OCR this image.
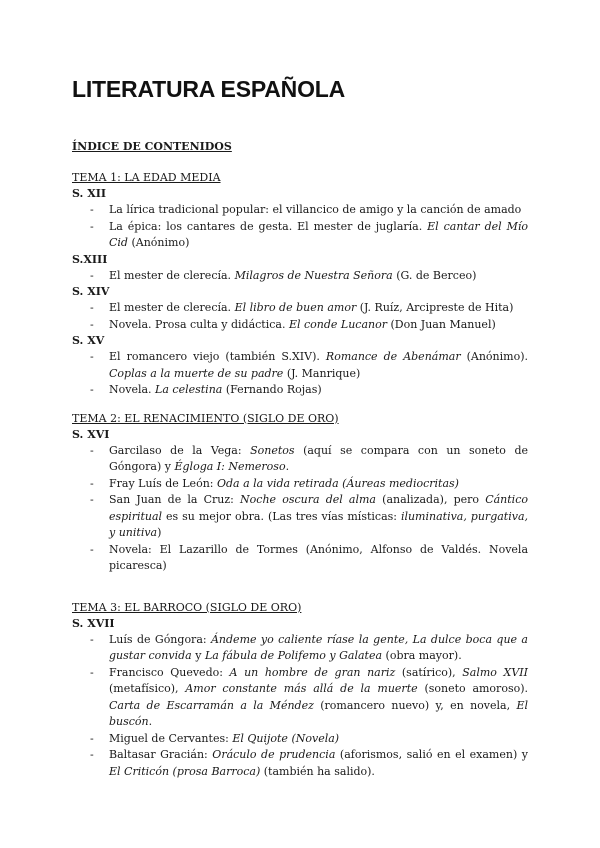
LITERATURA ESPAÑOLA
ÍNDICE DE CONTENIDOS
TEMA 1: LA EDAD MEDIA
S. XII
- La lírica tradicional popular: el villancico de amigo y la canción de amado
- La épica: los cantares de gesta. El mester de juglaría. El cantar del Mío Cid (Anónimo)
S.XIII
- El mester de clerecía. Milagros de Nuestra Señora (G. de Berceo)
S. XIV
- El mester de clerecía. El libro de buen amor (J. Ruíz, Arcipreste de Hita)
- Novela. Prosa culta y didáctica. El conde Lucanor (Don Juan Manuel)
S. XV
- El romancero viejo (también S.XIV). Romance de Abenámar (Anónimo). Coplas a la muerte de su padre (J. Manrique)
- Novela. La celestina (Fernando Rojas)
TEMA 2: EL RENACIMIENTO (SIGLO DE ORO)
S. XVI
- Garcilaso de la Vega: Sonetos (aquí se compara con un soneto de Góngora) y Égloga I: Nemeroso.
- Fray Luís de León: Oda a la vida retirada (Áureas mediocritas)
- San Juan de la Cruz: Noche oscura del alma (analizada), pero Cántico espiritual es su mejor obra. (Las tres vías místicas: iluminativa, purgativa, y unitiva)
- Novela: El Lazarillo de Tormes (Anónimo, Alfonso de Valdés. Novela picaresca)
TEMA 3: EL BARROCO (SIGLO DE ORO)
S. XVII
- Luís de Góngora: Ándeme yo caliente ríase la gente, La dulce boca que a gustar convida y La fábula de Polifemo y Galatea (obra mayor).
- Francisco Quevedo: A un hombre de gran nariz (satírico), Salmo XVII (metafísico), Amor constante más allá de la muerte (soneto amoroso). Carta de Escarramán a la Méndez (romancero nuevo) y, en novela, El buscón.
- Miguel de Cervantes: El Quijote (Novela)
- Baltasar Gracián: Oráculo de prudencia (aforismos, salió en el examen) y El Criticón (prosa Barroca) (también ha salido).
